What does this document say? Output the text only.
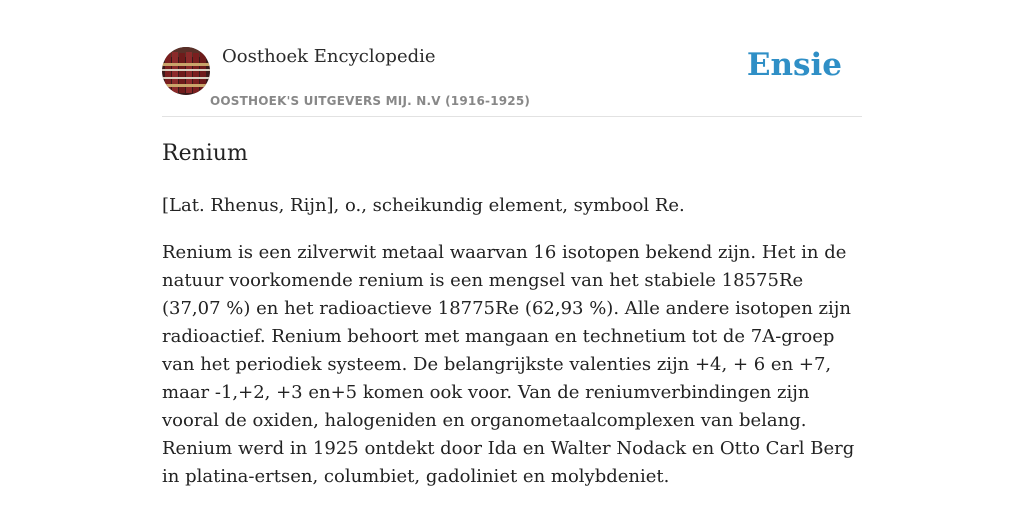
Oosthoek Encyclopedie
OOSTHOEK'S UITGEVERS MIJ. N.V (1916-1925)
Ensie
Renium

[Lat. Rhenus, Rijn], o., scheikundig element, symbool Re.

Renium is een zilverwit metaal waarvan 16 isotopen bekend zijn. Het in de natuur voorkomende renium is een mengsel van het stabiele 18575Re (37,07 %) en het radioactieve 18775Re (62,93 %). Alle andere isotopen zijn radioactief. Renium behoort met mangaan en technetium tot de 7A-groep van het periodiek systeem. De belangrijkste valenties zijn +4, + 6 en +7, maar -1,+2, +3 en+5 komen ook voor. Van de reniumverbindingen zijn vooral de oxiden, halogeniden en organometaalcomplexen van belang. Renium werd in 1925 ontdekt door Ida en Walter Nodack en Otto Carl Berg in platina-ertsen, columbiet, gadoliniet en molybdeniet.
